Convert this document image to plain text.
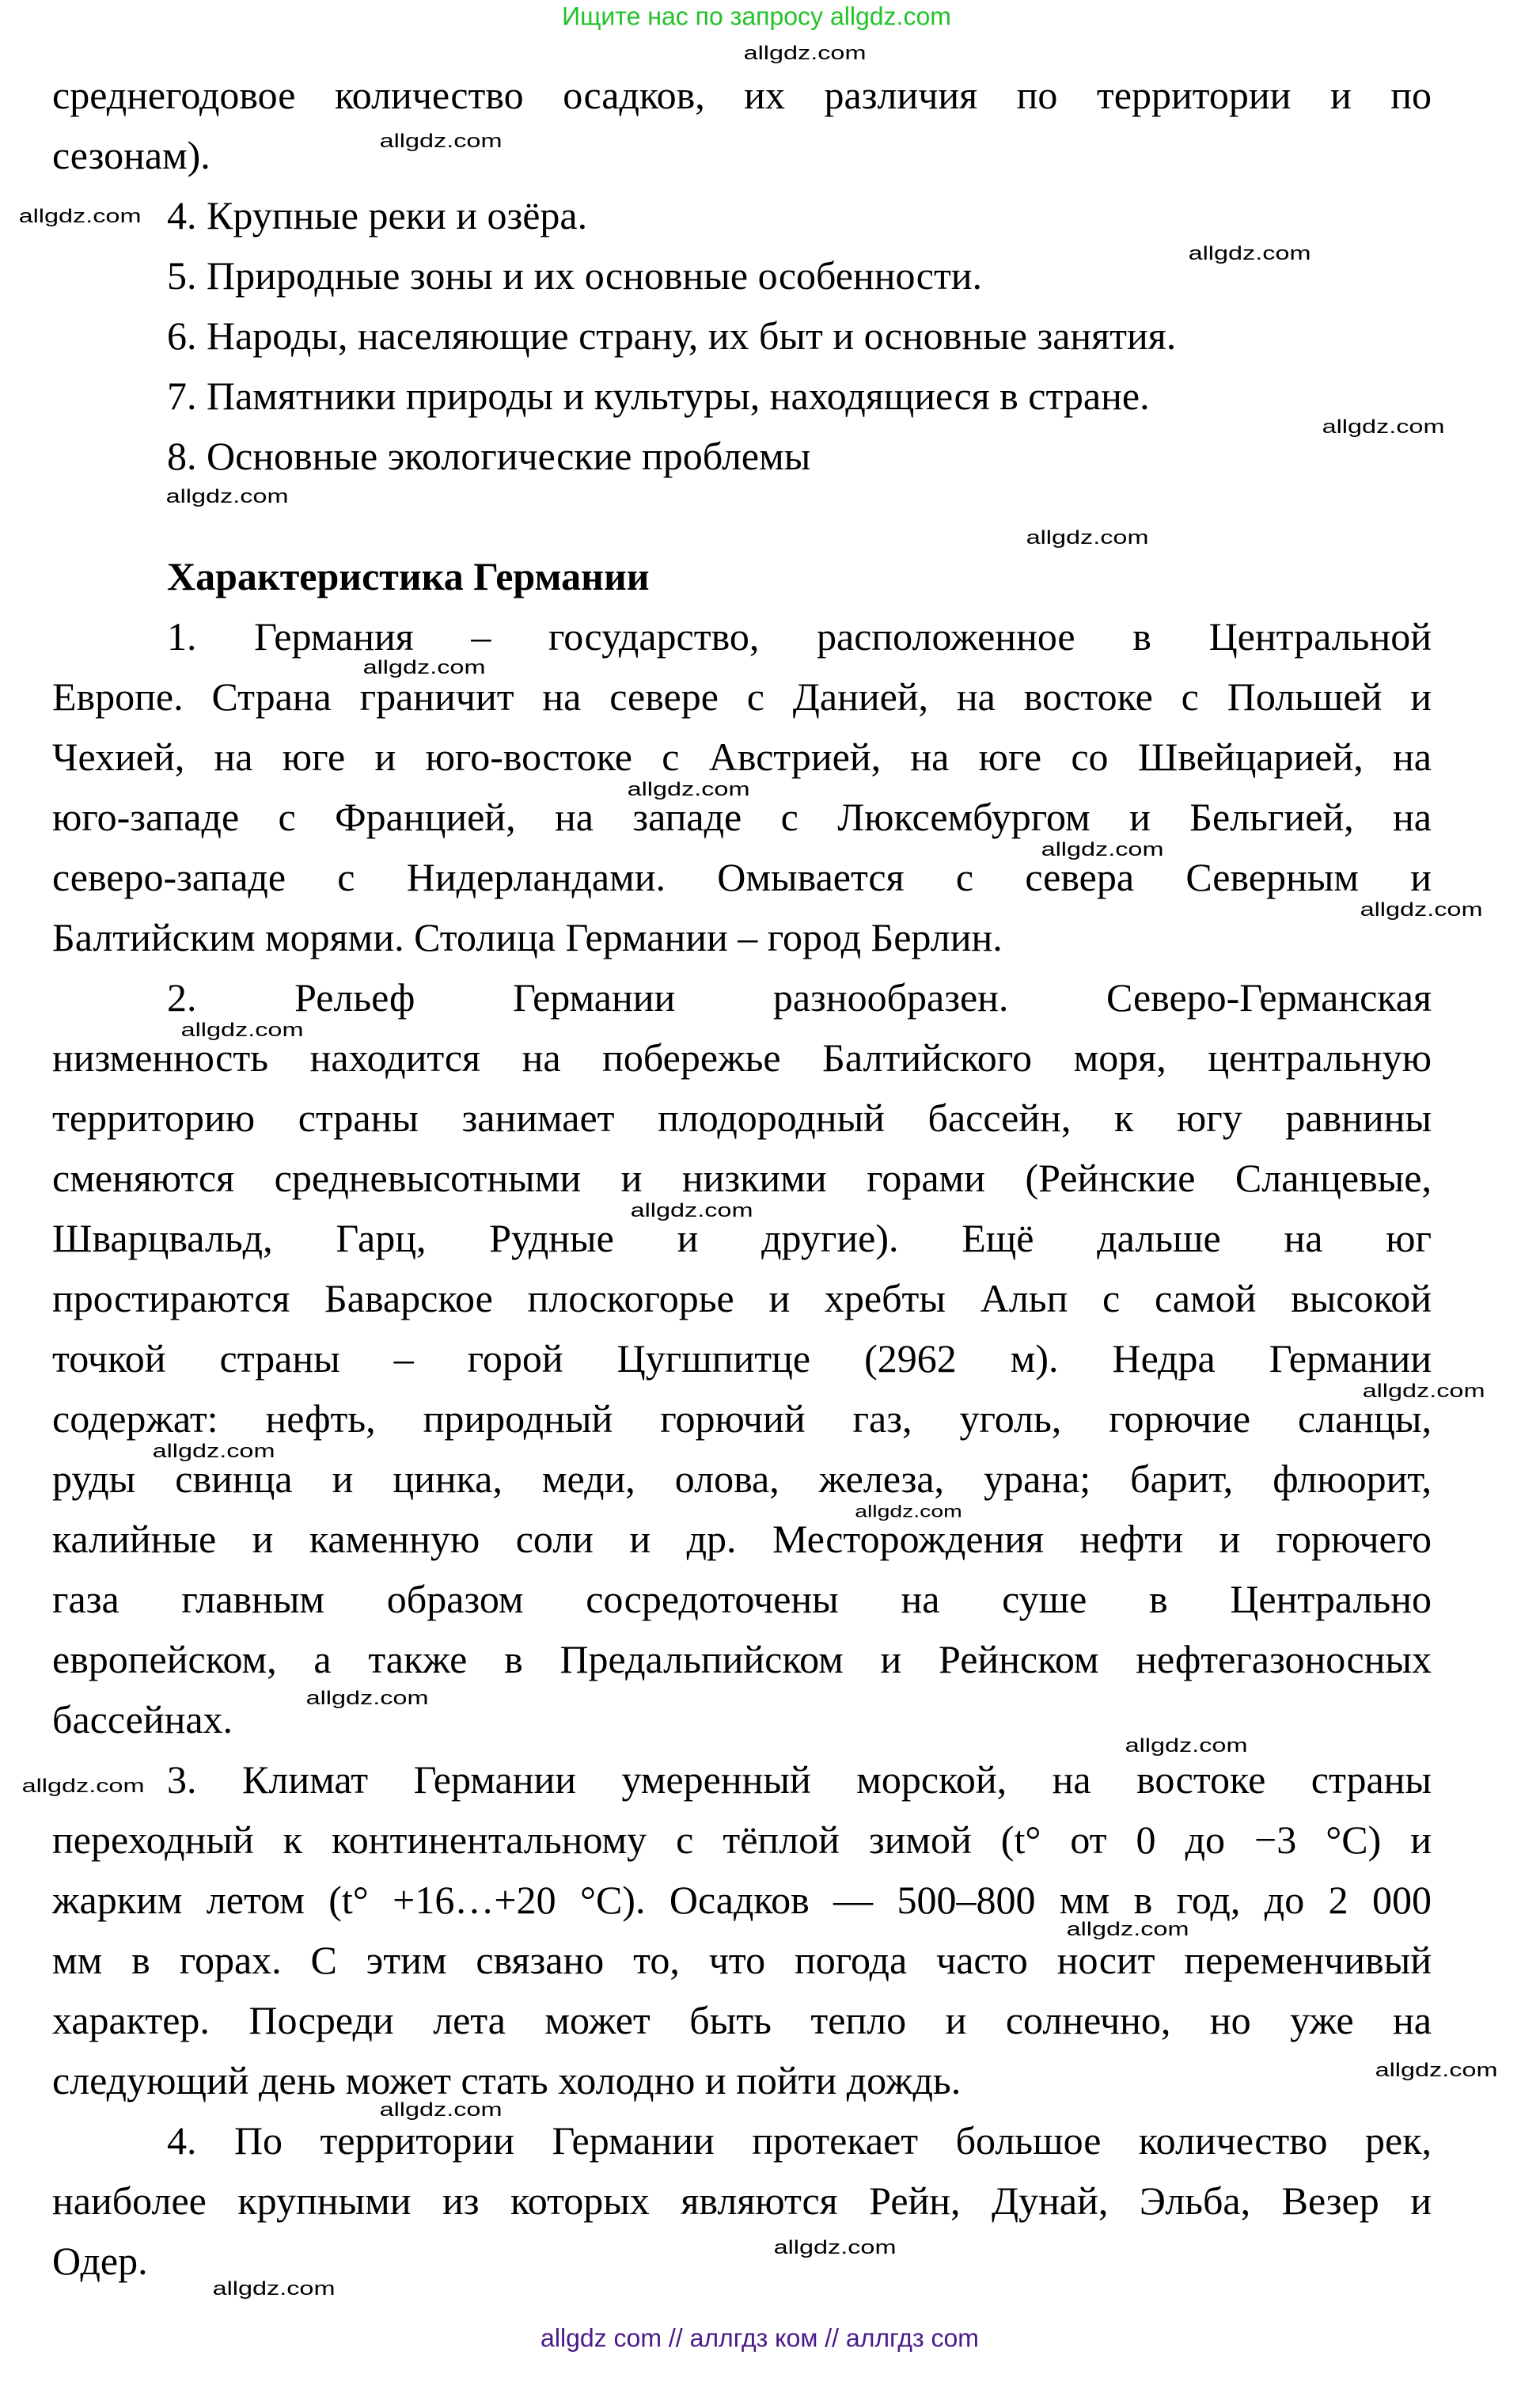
Ищите нас по запросу allgdz.com
среднегодовое количество осадков, их различия по территории и по
сезонам).
4. Крупные реки и озёра.
5. Природные зоны и их основные особенности.
6. Народы, населяющие страну, их быт и основные занятия.
7. Памятники природы и культуры, находящиеся в стране.
8. Основные экологические проблемы
Характеристика Германии
1. Германия – государство, расположенное в Центральной
Европе. Страна граничит на севере с Данией, на востоке с Польшей и
Чехией, на юге и юго-востоке с Австрией, на юге со Швейцарией, на
юго-западе с Францией, на западе с Люксембургом и Бельгией, на
северо-западе с Нидерландами. Омывается с севера Северным и
Балтийским морями. Столица Германии – город Берлин.
2. Рельеф Германии разнообразен. Северо-Германская
низменность находится на побережье Балтийского моря, центральную
территорию страны занимает плодородный бассейн, к югу равнины
сменяются средневысотными и низкими горами (Рейнские Сланцевые,
Шварцвальд, Гарц, Рудные и другие). Ещё дальше на юг
простираются Баварское плоскогорье и хребты Альп с самой высокой
точкой страны – горой Цугшпитце (2962 м). Недра Германии
содержат: нефть, природный горючий газ, уголь, горючие сланцы,
руды свинца и цинка, меди, олова, железа, урана; барит, флюорит,
калийные и каменную соли и др. Месторождения нефти и горючего
газа главным образом сосредоточены на суше в Центрально
европейском, а также в Предальпийском и Рейнском нефтегазоносных
бассейнах.
3. Климат Германии умеренный морской, на востоке страны
переходный к континентальному с тёплой зимой (t° от 0 до −3 °C) и
жарким летом (t° +16…+20 °C). Осадков — 500–800 мм в год, до 2 000
мм в горах. С этим связано то, что погода часто носит переменчивый
характер. Посреди лета может быть тепло и солнечно, но уже на
следующий день может стать холодно и пойти дождь.
4. По территории Германии протекает большое количество рек,
наиболее крупными из которых являются Рейн, Дунай, Эльба, Везер и
Одер.
allgdz.com
allgdz.com
allgdz.com
allgdz.com
allgdz.com
allgdz.com
allgdz.com
allgdz.com
allgdz.com
allgdz.com
allgdz.com
allgdz.com
allgdz.com
allgdz.com
allgdz.com
allgdz.com
allgdz.com
allgdz.com
allgdz.com
allgdz.com
allgdz.com
allgdz.com
allgdz.com
allgdz.com
allgdz com // аллгдз ком // аллгдз com
